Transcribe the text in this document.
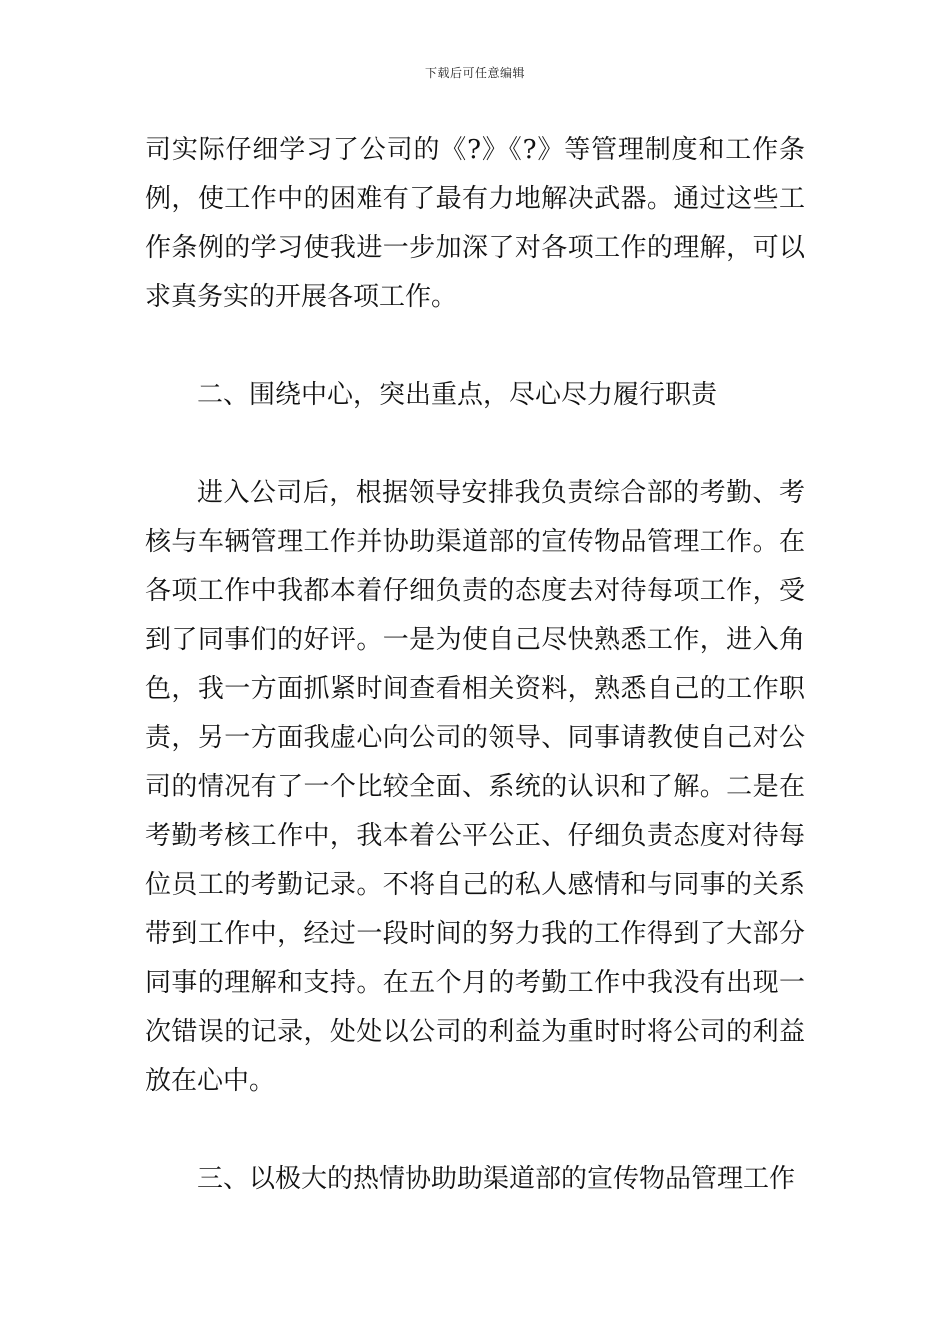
下载后可任意编辑

司实际仔细学习了公司的《?》《?》等管理制度和工作条例，使工作中的困难有了最有力地解决武器。通过这些工作条例的学习使我进一步加深了对各项工作的理解，可以求真务实的开展各项工作。

二、围绕中心，突出重点，尽心尽力履行职责

进入公司后，根据领导安排我负责综合部的考勤、考核与车辆管理工作并协助渠道部的宣传物品管理工作。在各项工作中我都本着仔细负责的态度去对待每项工作，受到了同事们的好评。一是为使自己尽快熟悉工作，进入角色，我一方面抓紧时间查看相关资料，熟悉自己的工作职责，另一方面我虚心向公司的领导、同事请教使自己对公司的情况有了一个比较全面、系统的认识和了解。二是在考勤考核工作中，我本着公平公正、仔细负责态度对待每位员工的考勤记录。不将自己的私人感情和与同事的关系带到工作中，经过一段时间的努力我的工作得到了大部分同事的理解和支持。在五个月的考勤工作中我没有出现一次错误的记录，处处以公司的利益为重时时将公司的利益放在心中。

三、以极大的热情协助助渠道部的宣传物品管理工作
